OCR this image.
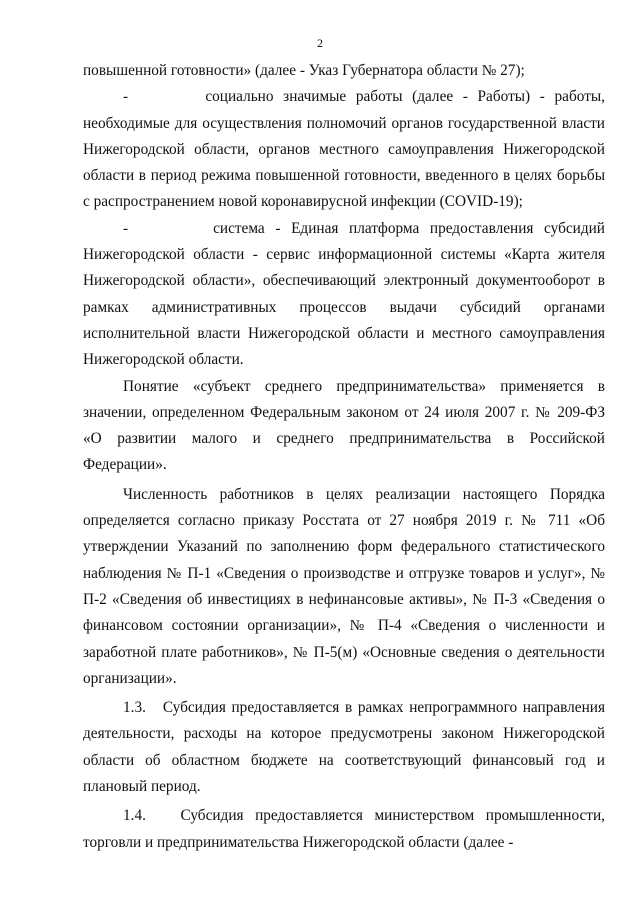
2

повышенной готовности» (далее - Указ Губернатора области № 27);

-        социально значимые работы (далее - Работы) - работы, необходимые для осуществления полномочий органов государственной власти Нижегородской области, органов местного самоуправления Нижегородской области в период режима повышенной готовности, введенного в целях борьбы с распространением новой коронавирусной инфекции (COVID-19);

-        система - Единая платформа предоставления субсидий Нижегородской области - сервис информационной системы «Карта жителя Нижегородской области», обеспечивающий электронный документооборот в рамках административных процессов выдачи субсидий органами исполнительной власти Нижегородской области и местного самоуправления Нижегородской области.

Понятие «субъект среднего предпринимательства» применяется в значении, определенном Федеральным законом от 24 июля 2007 г. № 209-ФЗ «О развитии малого и среднего предпринимательства в Российской Федерации».

Численность работников в целях реализации настоящего Порядка определяется согласно приказу Росстата от 27 ноября 2019 г. № 711 «Об утверждении Указаний по заполнению форм федерального статистического наблюдения № П-1 «Сведения о производстве и отгрузке товаров и услуг», № П-2 «Сведения об инвестициях в нефинансовые активы», № П-3 «Сведения о финансовом состоянии организации», № П-4 «Сведения о численности и заработной плате работников», № П-5(м) «Основные сведения о деятельности организации».

1.3.   Субсидия предоставляется в рамках непрограммного направления деятельности, расходы на которое предусмотрены законом Нижегородской области об областном бюджете на соответствующий финансовый год и плановый период.

1.4.   Субсидия предоставляется министерством промышленности, торговли и предпринимательства Нижегородской области (далее -
